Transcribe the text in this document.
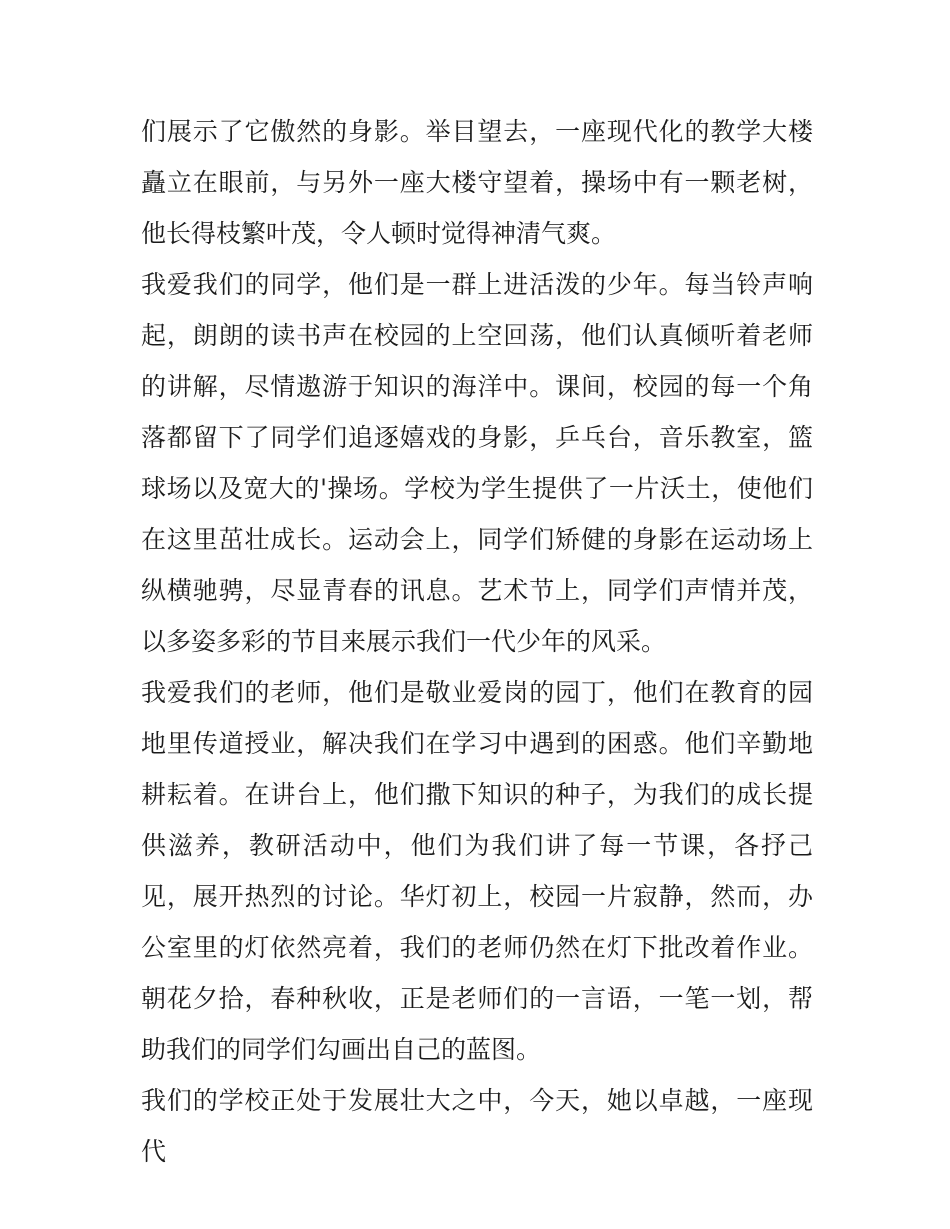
们展示了它傲然的身影。举目望去，一座现代化的教学大楼矗立在眼前，与另外一座大楼守望着，操场中有一颗老树，他长得枝繁叶茂，令人顿时觉得神清气爽。

我爱我们的同学，他们是一群上进活泼的少年。每当铃声响起，朗朗的读书声在校园的上空回荡，他们认真倾听着老师的讲解，尽情遨游于知识的海洋中。课间，校园的每一个角落都留下了同学们追逐嬉戏的身影，乒乓台，音乐教室，篮球场以及宽大的'操场。学校为学生提供了一片沃土，使他们在这里茁壮成长。运动会上，同学们矫健的身影在运动场上纵横驰骋，尽显青春的讯息。艺术节上，同学们声情并茂，以多姿多彩的节目来展示我们一代少年的风采。

我爱我们的老师，他们是敬业爱岗的园丁，他们在教育的园地里传道授业，解决我们在学习中遇到的困惑。他们辛勤地耕耘着。在讲台上，他们撒下知识的种子，为我们的成长提供滋养，教研活动中，他们为我们讲了每一节课，各抒己见，展开热烈的讨论。华灯初上，校园一片寂静，然而，办公室里的灯依然亮着，我们的老师仍然在灯下批改着作业。朝花夕拾，春种秋收，正是老师们的一言语，一笔一划，帮助我们的同学们勾画出自己的蓝图。

我们的学校正处于发展壮大之中，今天，她以卓越，一座现代
